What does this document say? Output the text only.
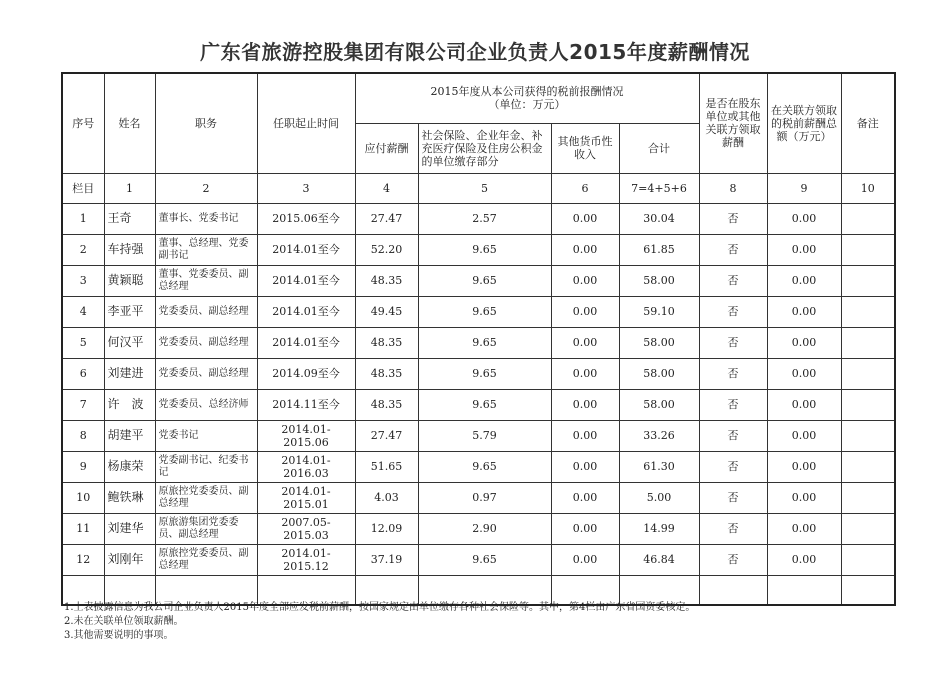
广东省旅游控股集团有限公司企业负责人2015年度薪酬情况
序号	姓名	职务	任职起止时间	2015年度从本公司获得的税前报酬情况
（单位：万元）				是否在股东单位或其他关联方领取薪酬	在关联方领取的税前薪酬总额（万元）	备注
				应付薪酬	社会保险、企业年金、补充医疗保险及住房公积金的单位缴存部分	其他货币性收入	合计			
栏目	1	2	3	4	5	6	7=4+5+6	8	9	10
1	王奇	董事长、党委书记	2015.06至今	27.47	2.57	0.00	30.04	否	0.00	
2	车持强	董事、总经理、党委副书记	2014.01至今	52.20	9.65	0.00	61.85	否	0.00	
3	黄颖聪	董事、党委委员、副总经理	2014.01至今	48.35	9.65	0.00	58.00	否	0.00	
4	李亚平	党委委员、副总经理	2014.01至今	49.45	9.65	0.00	59.10	否	0.00	
5	何汉平	党委委员、副总经理	2014.01至今	48.35	9.65	0.00	58.00	否	0.00	
6	刘建进	党委委员、副总经理	2014.09至今	48.35	9.65	0.00	58.00	否	0.00	
7	许　波	党委委员、总经济师	2014.11至今	48.35	9.65	0.00	58.00	否	0.00	
8	胡建平	党委书记	2014.01-2015.06	27.47	5.79	0.00	33.26	否	0.00	
9	杨康荣	党委副书记、纪委书记	2014.01-2016.03	51.65	9.65	0.00	61.30	否	0.00	
10	鲍铁琳	原旅控党委委员、副总经理	2014.01-2015.01	4.03	0.97	0.00	5.00	否	0.00	
11	刘建华	原旅游集团党委委员、副总经理	2007.05-2015.03	12.09	2.90	0.00	14.99	否	0.00	
12	刘刚年	原旅控党委委员、副总经理	2014.01-2015.12	37.19	9.65	0.00	46.84	否	0.00	

1.上表披露信息为我公司企业负责人2015年度全部应发税前薪酬，按国家规定由单位缴存各种社会保险等。其中，第4栏由广东省国资委核定。
2.未在关联单位领取薪酬。
3.其他需要说明的事项。
